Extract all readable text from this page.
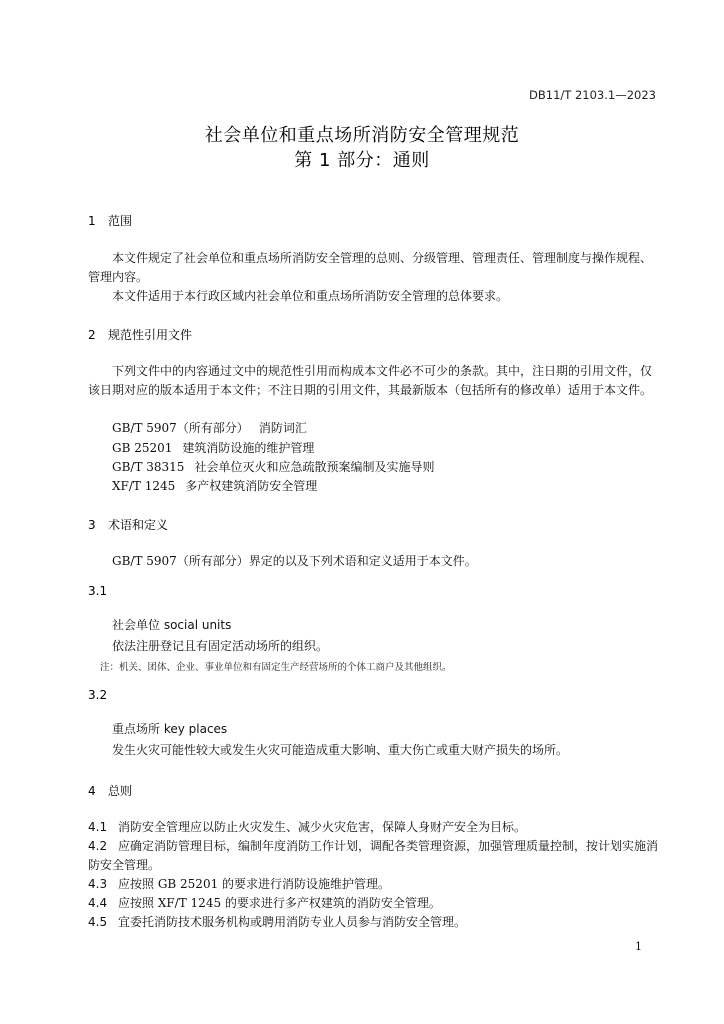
DB11/T 2103.1—2023
社会单位和重点场所消防安全管理规范
第 1 部分：通则
1 范围
本文件规定了社会单位和重点场所消防安全管理的总则、分级管理、管理责任、管理制度与操作规程、管理内容。
本文件适用于本行政区域内社会单位和重点场所消防安全管理的总体要求。
2 规范性引用文件
下列文件中的内容通过文中的规范性引用而构成本文件必不可少的条款。其中，注日期的引用文件，仅该日期对应的版本适用于本文件；不注日期的引用文件，其最新版本（包括所有的修改单）适用于本文件。
GB/T 5907（所有部分） 消防词汇
GB 25201 建筑消防设施的维护管理
GB/T 38315 社会单位灭火和应急疏散预案编制及实施导则
XF/T 1245 多产权建筑消防安全管理
3 术语和定义
GB/T 5907（所有部分）界定的以及下列术语和定义适用于本文件。
3.1
社会单位 social units
依法注册登记且有固定活动场所的组织。
注：机关、团体、企业、事业单位和有固定生产经营场所的个体工商户及其他组织。
3.2
重点场所 key places
发生火灾可能性较大或发生火灾可能造成重大影响、重大伤亡或重大财产损失的场所。
4 总则
4.1 消防安全管理应以防止火灾发生、减少火灾危害，保障人身财产安全为目标。
4.2 应确定消防管理目标，编制年度消防工作计划，调配各类管理资源，加强管理质量控制，按计划实施消防安全管理。
4.3 应按照 GB 25201 的要求进行消防设施维护管理。
4.4 应按照 XF/T 1245 的要求进行多产权建筑的消防安全管理。
4.5 宜委托消防技术服务机构或聘用消防专业人员参与消防安全管理。
1
